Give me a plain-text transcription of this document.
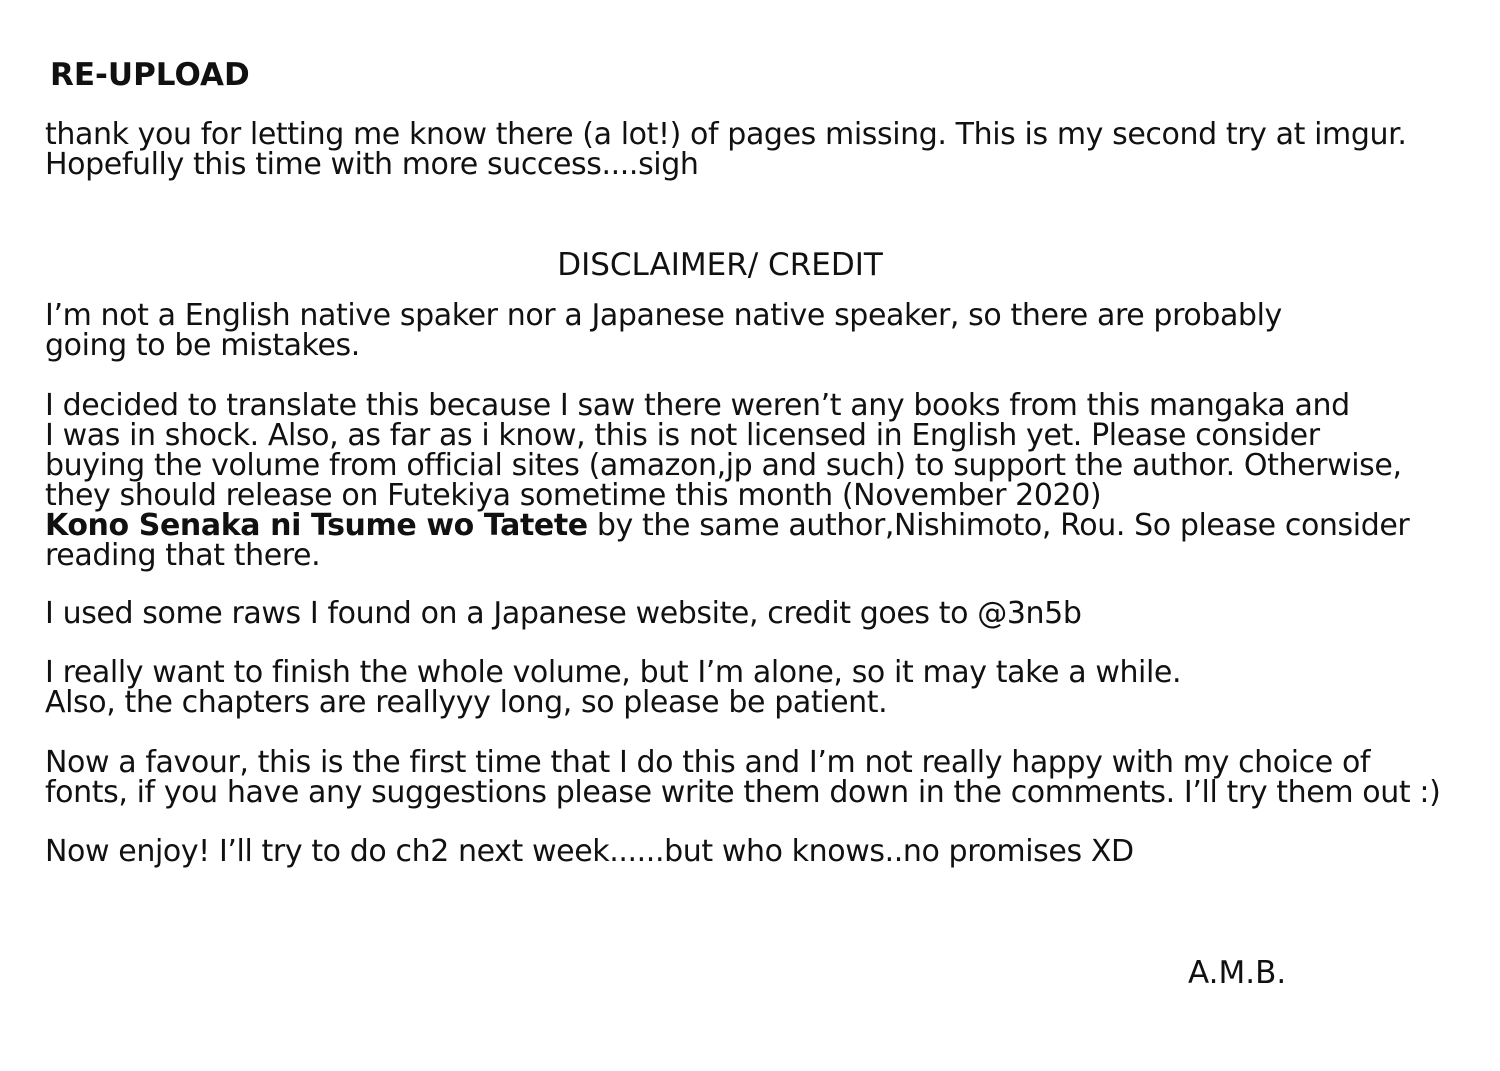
RE-UPLOAD
thank you for letting me know there (a lot!) of pages missing. This is my second try at imgur.
Hopefully this time with more success....sigh
DISCLAIMER/ CREDIT
I’m not a English native spaker nor a Japanese native speaker, so there are probably
going to be mistakes.
I decided to translate this because I saw there weren’t any books from this mangaka and
I was in shock. Also, as far as i know, this is not licensed in English yet. Please consider
buying the volume from official sites (amazon,jp and such) to support the author. Otherwise,
they should release on Futekiya sometime this month (November 2020)
Kono Senaka ni Tsume wo Tatete by the same author,Nishimoto, Rou. So please consider
reading that there.
I used some raws I found on a Japanese website, credit goes to @3n5b
I really want to finish the whole volume, but I’m alone, so it may take a while.
Also, the chapters are reallyyy long, so please be patient.
Now a favour, this is the first time that I do this and I’m not really happy with my choice of
fonts, if you have any suggestions please write them down in the comments. I’ll try them out :)
Now enjoy! I’ll try to do ch2 next week......but who knows..no promises XD
A.M.B.
